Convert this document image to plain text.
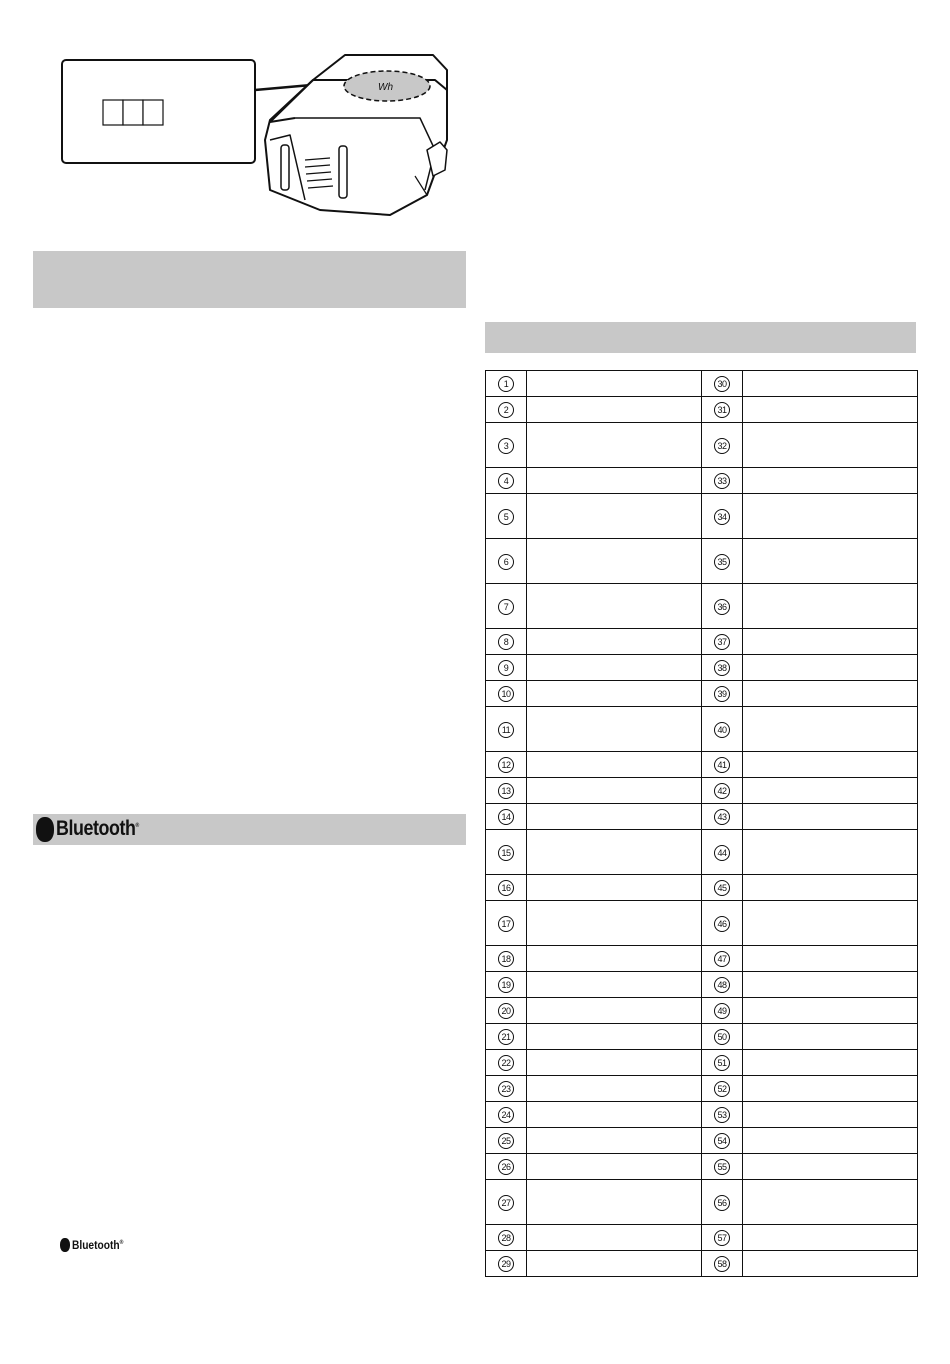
Wh
Bluetooth®
Bluetooth®
1		30	
2		31	
3		32	
4		33	
5		34	
6		35	
7		36	
8		37	
9		38	
10		39	
11		40	
12		41	
13		42	
14		43	
15		44	
16		45	
17		46	
18		47	
19		48	
20		49	
21		50	
22		51	
23		52	
24		53	
25		54	
26		55	
27		56	
28		57	
29		58	
